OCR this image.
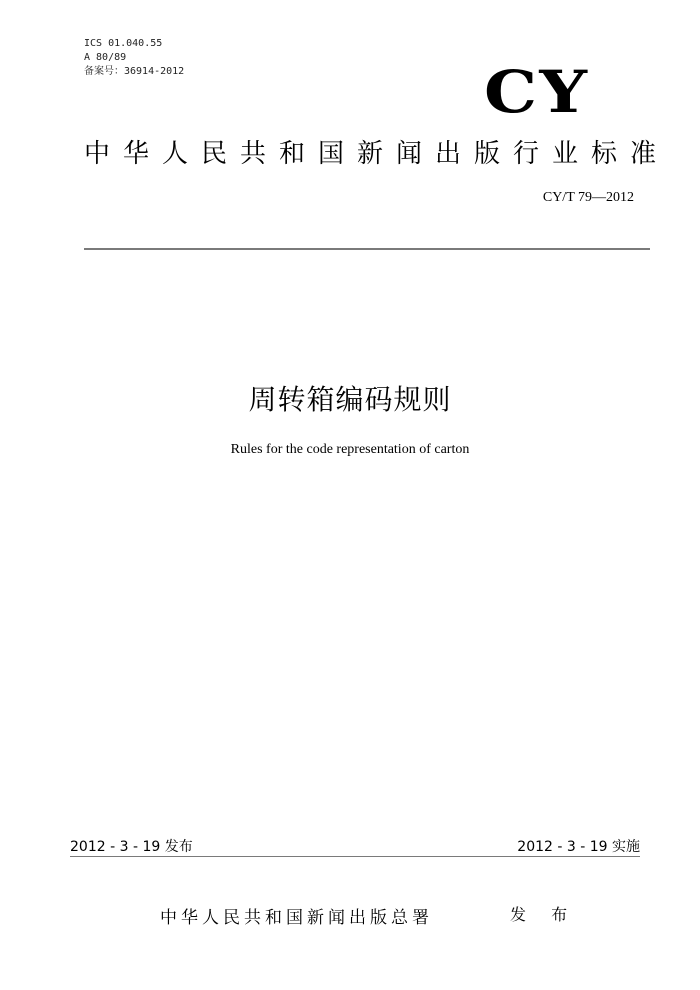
ICS 01.040.55
A 80/89
备案号：36914-2012	CY
中华人民共和国新闻出版行业标准
CY/T 79—2012
周转箱编码规则
Rules for the code representation of carton
2012 - 3 - 19 发布	2012 - 3 - 19 实施
中华人民共和国新闻出版总署	发 布
